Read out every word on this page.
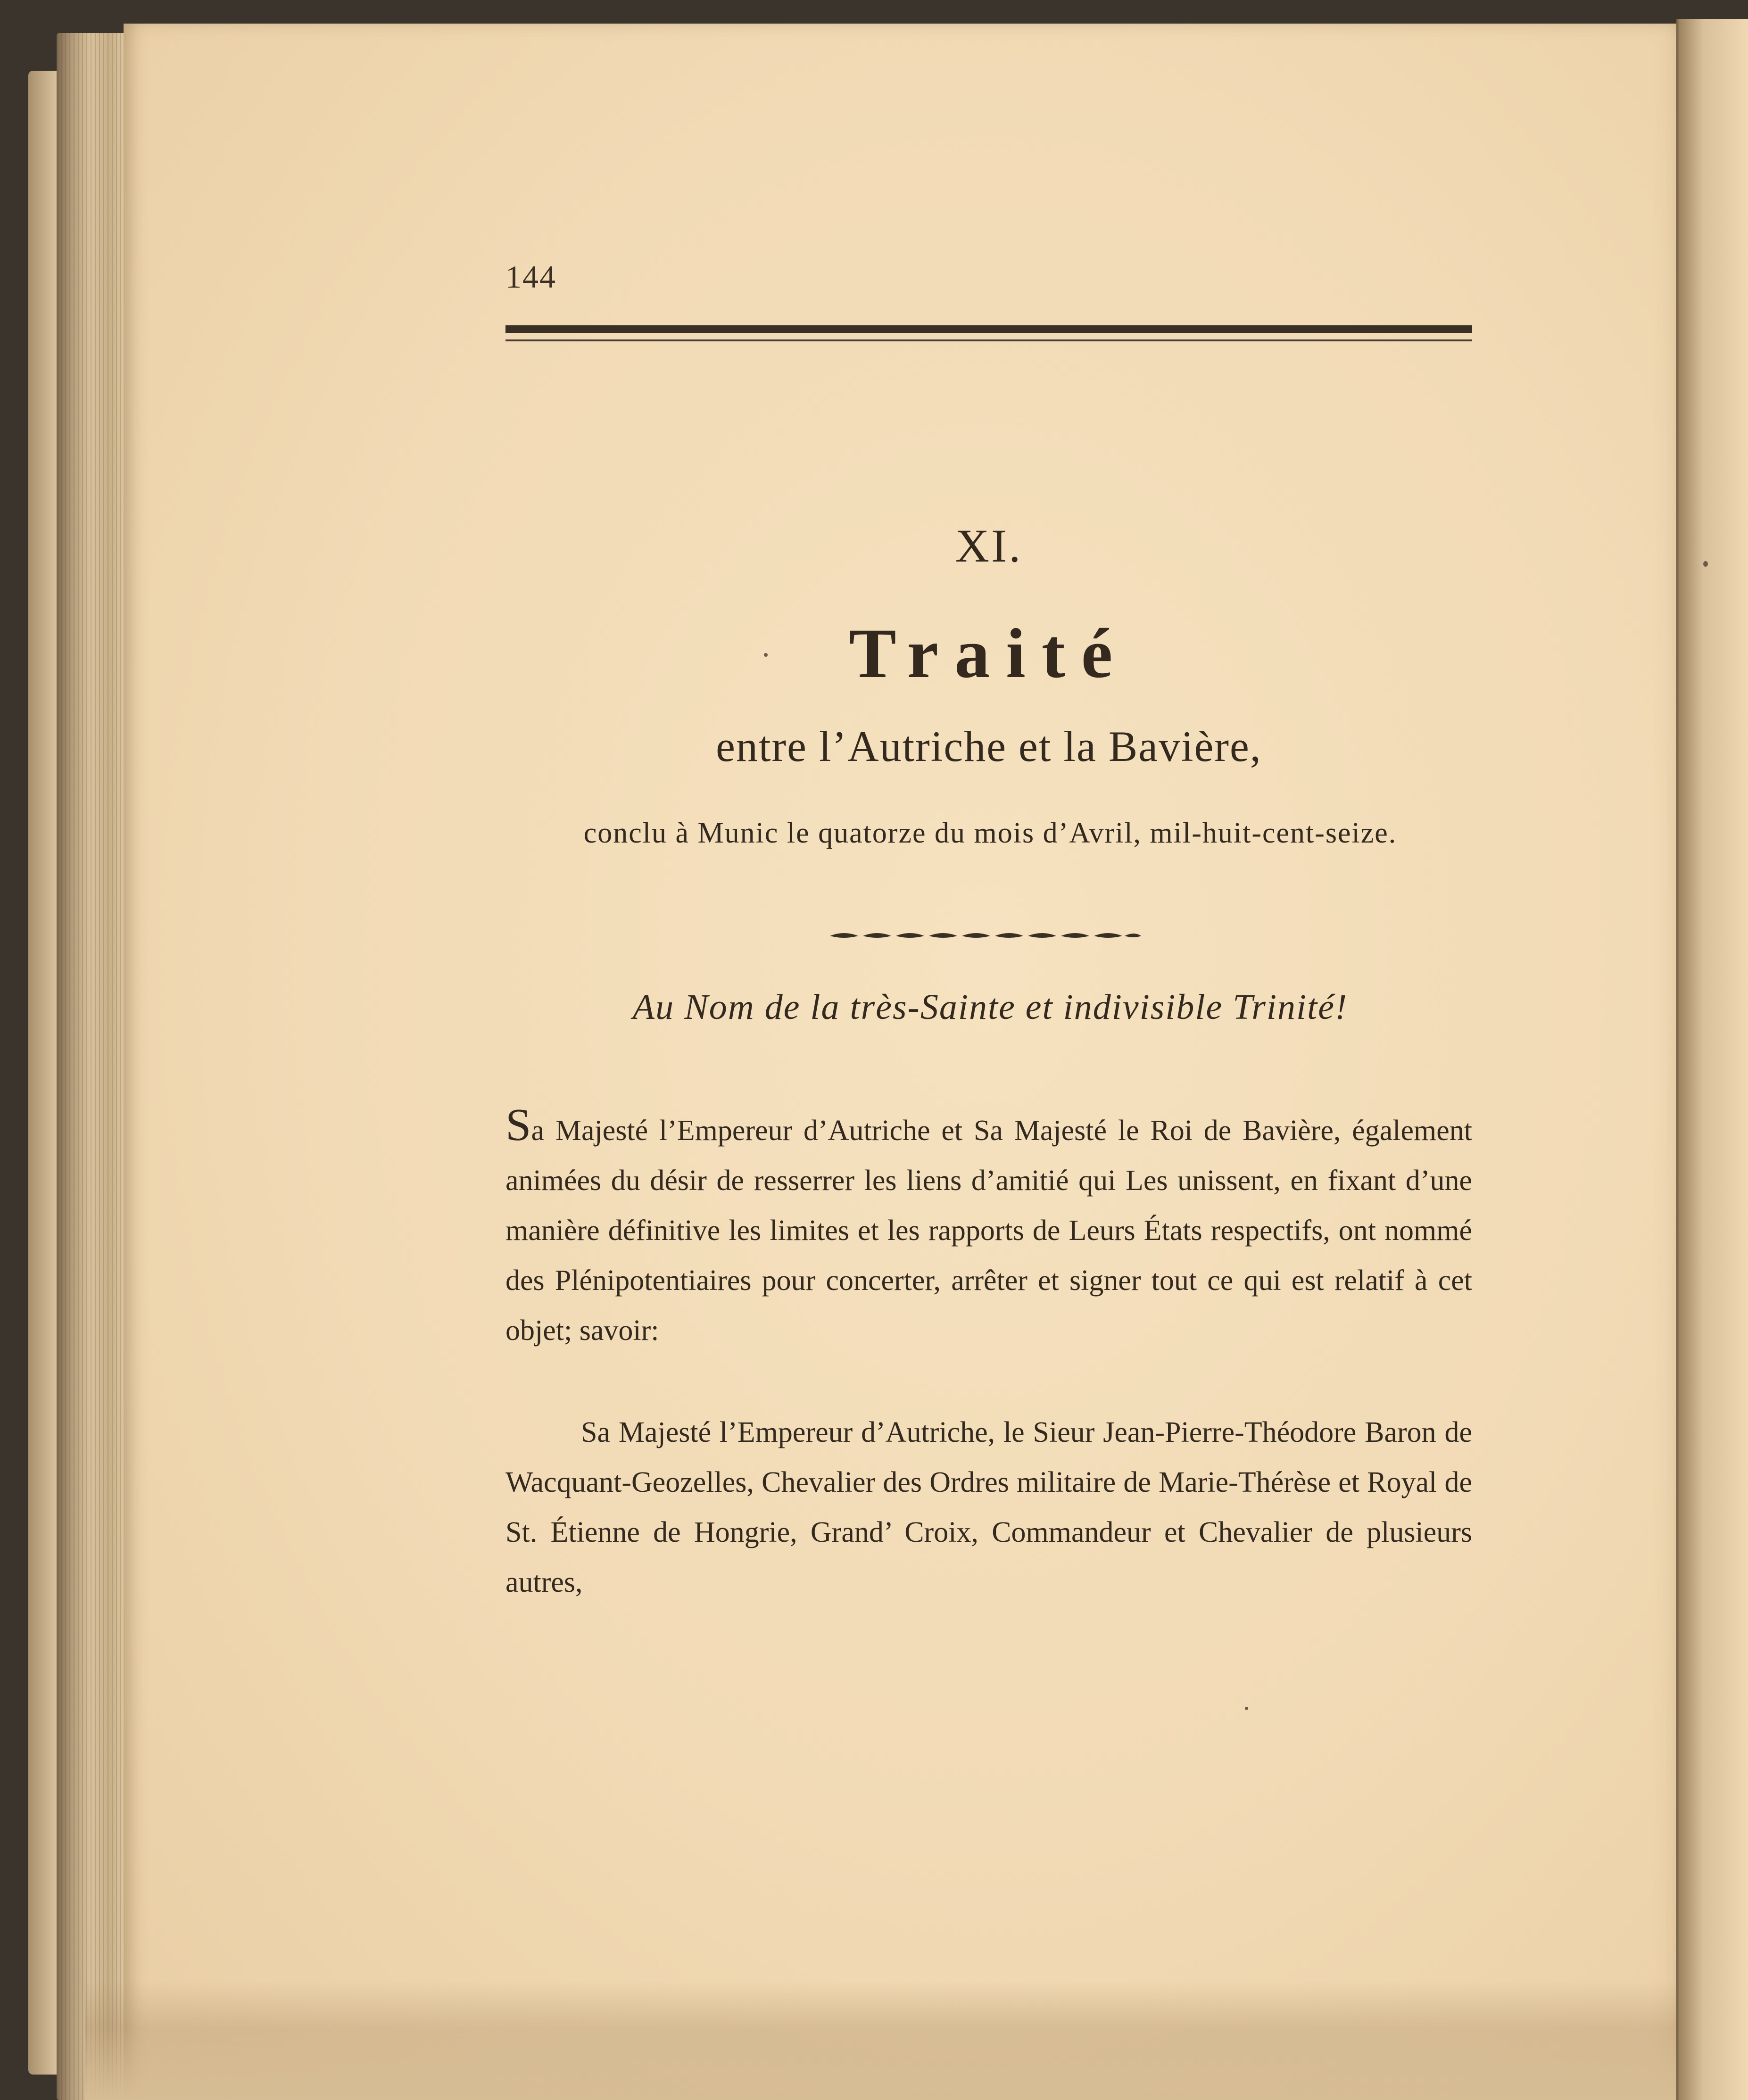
144
XI.
Traité
entre l’Autriche et la Bavière,
conclu à Munic le quatorze du mois d’Avril, mil-huit-cent-seize.
Au Nom de la très-Sainte et indivisible Trinité!
Sa Majesté l’Empereur d’Autriche et Sa Majesté le Roi de Bavière, également animées du désir de resserrer les liens d’amitié qui Les unissent, en fixant d’une manière définitive les limites et les rapports de Leurs États respectifs, ont nommé des Plénipotentiaires pour concerter, arrêter et signer tout ce qui est relatif à cet objet; savoir:
Sa Majesté l’Empereur d’Autriche, le Sieur Jean-Pierre-Théodore Baron de Wacquant-Geozelles, Chevalier des Ordres militaire de Marie-Thérèse et Royal de St. Étienne de Hongrie, Grand’ Croix, Commandeur et Chevalier de plusieurs autres,
